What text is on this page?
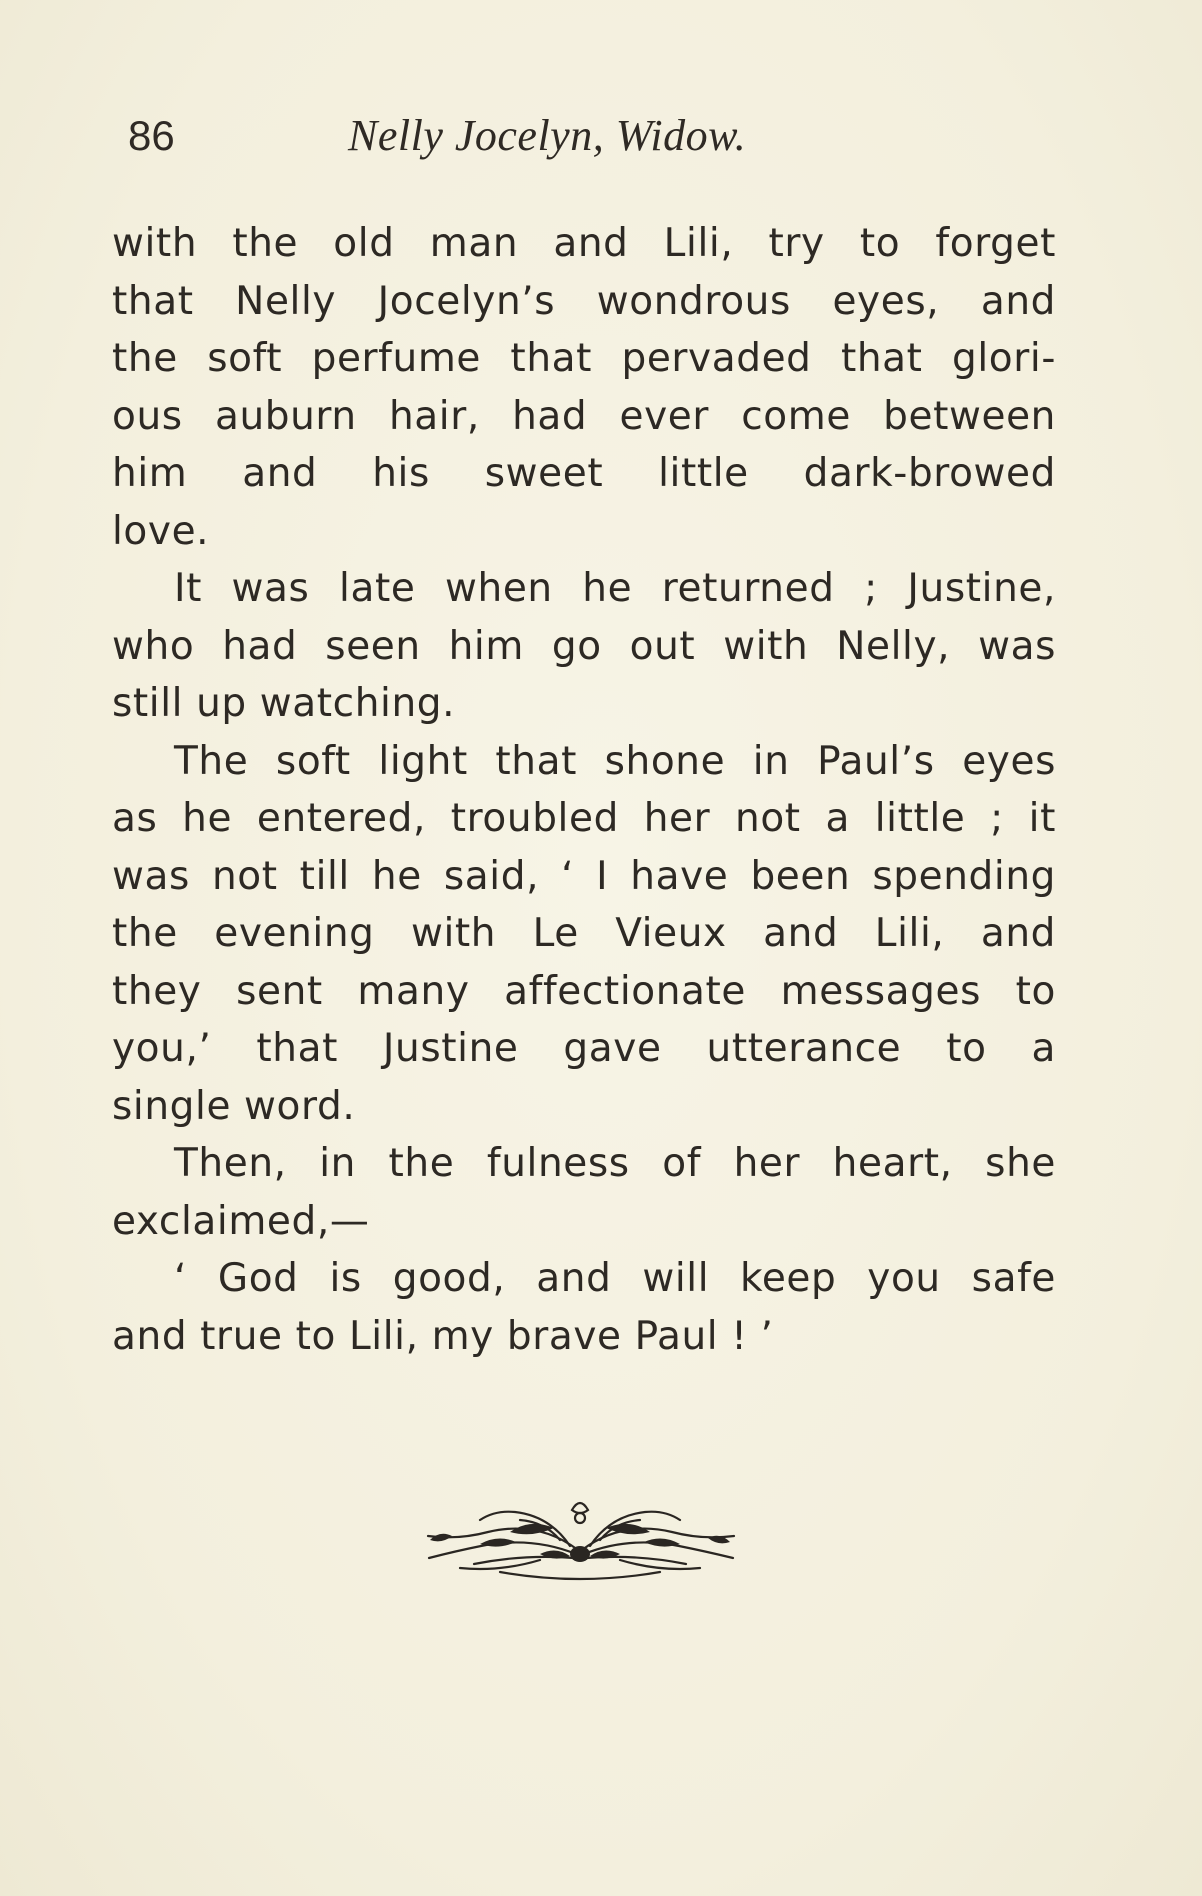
86	Nelly Jocelyn, Widow.
with the old man and Lili, try to forget
that Nelly Jocelyn’s wondrous eyes, and
the soft perfume that pervaded that glori-
ous auburn hair, had ever come between
him and his sweet little dark-browed
love.
It was late when he returned ; Justine,
who had seen him go out with Nelly, was
still up watching.
The soft light that shone in Paul’s eyes
as he entered, troubled her not a little ; it
was not till he said, ‘ I have been spending
the evening with Le Vieux and Lili, and
they sent many affectionate messages to
you,’ that Justine gave utterance to a
single word.
Then, in the fulness of her heart, she
exclaimed,—
‘ God is good, and will keep you safe
and true to Lili, my brave Paul ! ’
